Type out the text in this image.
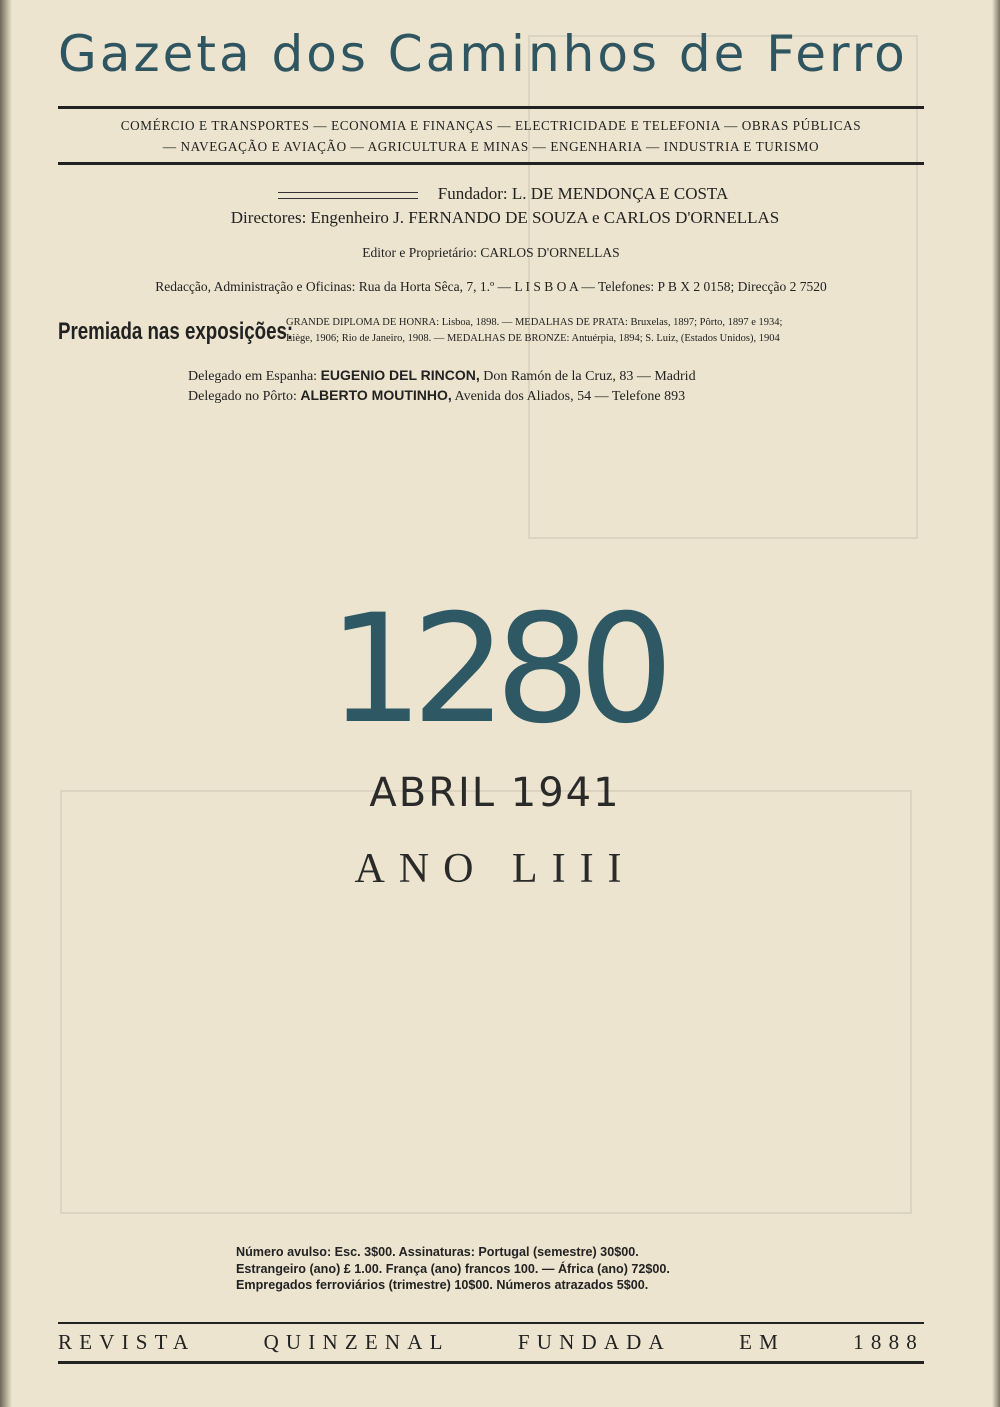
Gazeta dos Caminhos de Ferro
COMÉRCIO E TRANSPORTES — ECONOMIA E FINANÇAS — ELECTRICIDADE E TELEFONIA — OBRAS PÚBLICAS
— NAVEGAÇÃO E AVIAÇÃO — AGRICULTURA E MINAS — ENGENHARIA — INDUSTRIA E TURISMO
Fundador: L. DE MENDONÇA E COSTA
Directores: Engenheiro J. FERNANDO DE SOUZA e CARLOS D'ORNELLAS
Editor e Proprietário: CARLOS D'ORNELLAS
Redacção, Administração e Oficinas: Rua da Horta Sêca, 7, 1.º — L I S B O A — Telefones: P B X 2 0158; Direcção 2 7520
Premiada nas exposições:
GRANDE DIPLOMA DE HONRA: Lisboa, 1898. — MEDALHAS DE PRATA: Bruxelas, 1897; Pôrto, 1897 e 1934;
Liège, 1906; Rio de Janeiro, 1908. — MEDALHAS DE BRONZE: Antuérpia, 1894; S. Luiz, (Estados Unidos), 1904
Delegado em Espanha: EUGENIO DEL RINCON, Don Ramón de la Cruz, 83 — Madrid
Delegado no Pôrto: ALBERTO MOUTINHO, Avenida dos Aliados, 54 — Telefone 893
1280
ABRIL 1941
ANO LIII
Número avulso: Esc. 3$00. Assinaturas: Portugal (semestre) 30$00.
Estrangeiro (ano) £ 1.00. França (ano) francos 100. — África (ano) 72$00.
Empregados ferroviários (trimestre) 10$00. Números atrazados 5$00.
REVISTA	QUINZENAL	FUNDADA	EM	1888
